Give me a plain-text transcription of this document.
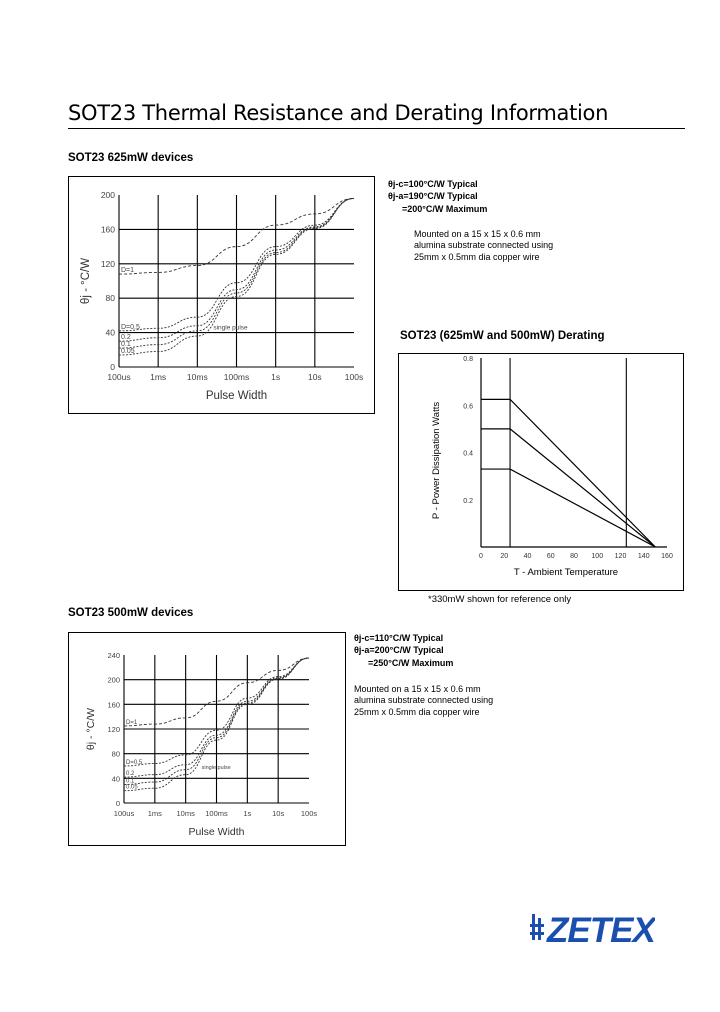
SOT23 Thermal Resistance and Derating Information
SOT23 625mW devices
100us 1ms 10ms 100ms	1s	10s	100s
0
40
80
120
160
200
Pulse Width
θj - °C/W	D=1
D=0.5
0.2
0.1
0.05
single pulse
θj-c=100°C/W Typical
θj-a=190°C/W Typical
=200°C/W Maximum
Mounted on a 15 x 15 x 0.6 mm
alumina substrate connected using
25mm x 0.5mm dia copper wire
SOT23 (625mW and 500mW) Derating
0 20 40 60 80 100 120 140 160
0.2
0.4
0.6
0.8
T - Ambient Temperature
P - Power Dissipation Watts
*330mW shown for reference only
SOT23 500mW devices
100us 1ms 10ms 100ms 1s	10s 100s
0
40
80
120
160
200
240
Pulse Width
θj - °C/W	D=1
D=0.5
0.2
0.1
0.05
single pulse
θj-c=110°C/W Typical
θj-a=200°C/W Typical
=250°C/W Maximum
Mounted on a 15 x 15 x 0.6 mm
alumina substrate connected using
25mm x 0.5mm dia copper wire
ZETEX
